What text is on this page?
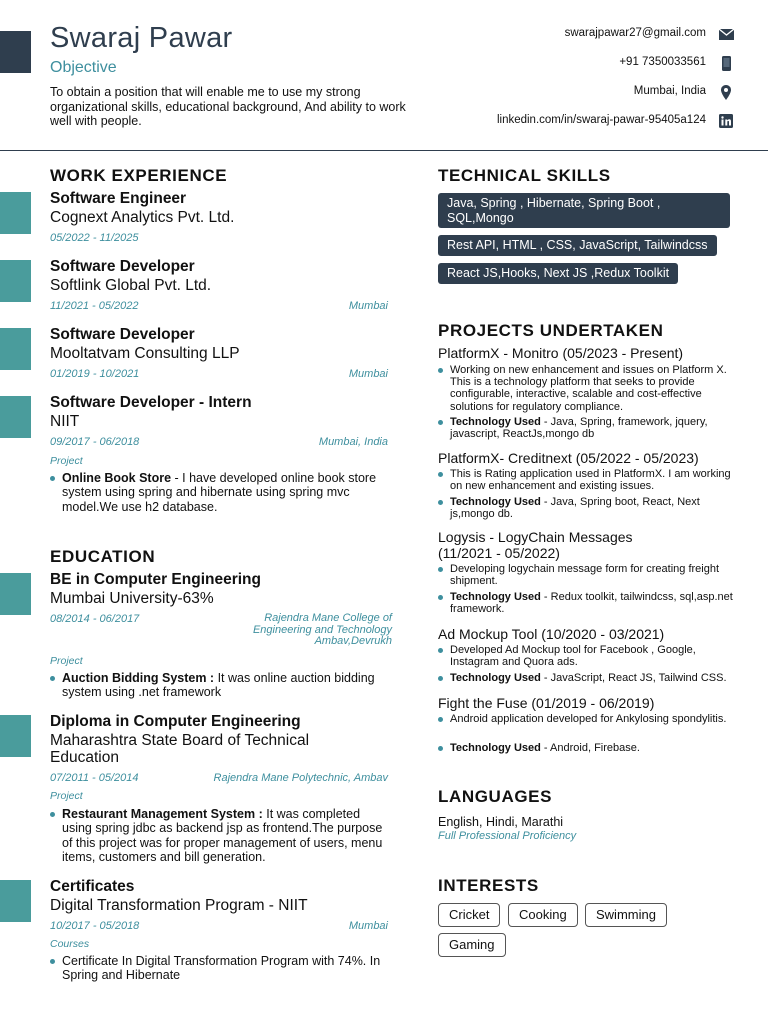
Swaraj Pawar
Objective
To obtain a position that will enable me to use my strong organizational skills, educational background, And ability to work well with people.
swarajpawar27@gmail.com
+91 7350033561
Mumbai, India
linkedin.com/in/swaraj-pawar-95405a124
WORK EXPERIENCE
Software Engineer
Cognext Analytics Pvt. Ltd.
05/2022 - 11/2025
Software Developer
Softlink Global Pvt. Ltd.
11/2021 - 05/2022	Mumbai
Software Developer
Mooltatvam Consulting LLP
01/2019 - 10/2021	Mumbai
Software Developer - Intern
NIIT
09/2017 - 06/2018	Mumbai, India
Project
Online Book Store - I have developed online book store system using spring and hibernate using spring mvc model.We use h2 database.
EDUCATION
BE in Computer Engineering
Mumbai University-63%
08/2014 - 06/2017	Rajendra Mane College of Engineering and Technology Ambav,Devrukh
Project
Auction Bidding System : It was online auction bidding system using .net framework
Diploma in Computer Engineering
Maharashtra State Board of Technical Education
07/2011 - 05/2014	Rajendra Mane Polytechnic, Ambav
Project
Restaurant Management System : It was completed using spring jdbc as backend jsp as frontend.The purpose of this project was for proper management of users, menu items, customers and bill generation.
Certificates
Digital Transformation Program - NIIT
10/2017 - 05/2018	Mumbai
Courses
Certificate In Digital Transformation Program with 74%. In Spring and Hibernate
TECHNICAL SKILLS
Java, Spring , Hibernate, Spring Boot , SQL,Mongo
Rest API, HTML , CSS, JavaScript, Tailwindcss
React JS,Hooks, Next JS ,Redux Toolkit
PROJECTS UNDERTAKEN
PlatformX - Monitro (05/2023 - Present)
Working on new enhancement and issues on Platform X. This is a technology platform that seeks to provide configurable, interactive, scalable and cost-effective solutions for regulatory compliance.
Technology Used - Java, Spring, framework, jquery, javascript, ReactJs,mongo db
PlatformX- Creditnext (05/2022 - 05/2023)
This is Rating application used in PlatformX. I am working on new enhancement and existing issues.
Technology Used - Java, Spring boot, React, Next js,mongo db.
Logysis - LogyChain Messages (11/2021 - 05/2022)
Developing logychain message form for creating freight shipment.
Technology Used - Redux toolkit, tailwindcss, sql,asp.net framework.
Ad Mockup Tool (10/2020 - 03/2021)
Developed Ad Mockup tool for Facebook , Google, Instagram and Quora ads.
Technology Used - JavaScript, React JS, Tailwind CSS.
Fight the Fuse (01/2019 - 06/2019)
Android application developed for Ankylosing spondylitis.
Technology Used - Android, Firebase.
LANGUAGES
English, Hindi, Marathi
Full Professional Proficiency
INTERESTS
Cricket	Cooking	Swimming
Gaming
